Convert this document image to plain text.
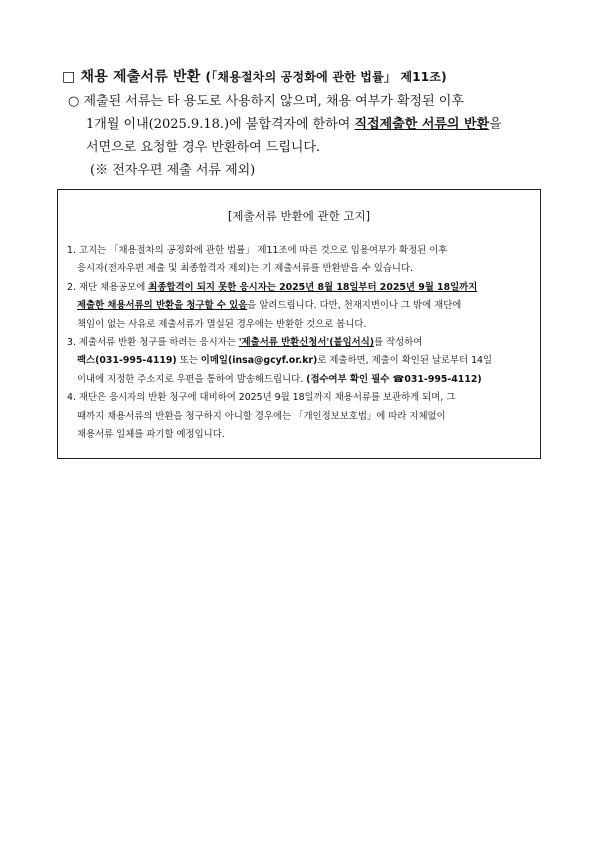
□ 채용 제출서류 반환 (「채용절차의 공정화에 관한 법률」 제11조)
○ 제출된 서류는 타 용도로 사용하지 않으며, 채용 여부가 확정된 이후
1개월 이내(2025.9.18.)에 불합격자에 한하여 직접제출한 서류의 반환을
서면으로 요청할 경우 반환하여 드립니다.
(※ 전자우편 제출 서류 제외)
[제출서류 반환에 관한 고지]
1. 고지는 「채용절차의 공정화에 관한 법률」 제11조에 따른 것으로 입용여부가 확정된 이후
응시자(전자우편 제출 및 최종합격자 제외)는 기 제출서류를 반환받을 수 있습니다.
2. 재단 채용공모에 최종합격이 되지 못한 응시자는 2025년 8월 18일부터 2025년 9월 18일까지
제출한 채용서류의 반환을 청구할 수 있음을 알려드립니다. 다만, 천재지변이나 그 밖에 재단에
책임이 없는 사유로 제출서류가 멸실된 경우에는 반환한 것으로 봅니다.
3. 제출서류 반환 청구를 하려는 응시자는 '제출서류 반환신청서'(붙임서식)를 작성하여
팩스(031-995-4119) 또는 이메일(insa@gcyf.or.kr)로 제출하면, 제출이 확인된 날로부터 14일
이내에 지정한 주소지로 우편을 통하여 발송해드립니다. (접수여부 확인 필수 ☎031-995-4112)
4. 재단은 응시자의 반환 청구에 대비하여 2025년 9월 18일까지 채용서류를 보관하게 되며, 그
때까지 채용서류의 반환을 청구하지 아니할 경우에는 「개인정보보호법」에 따라 지체없이
채용서류 일체를 파기할 예정입니다.
